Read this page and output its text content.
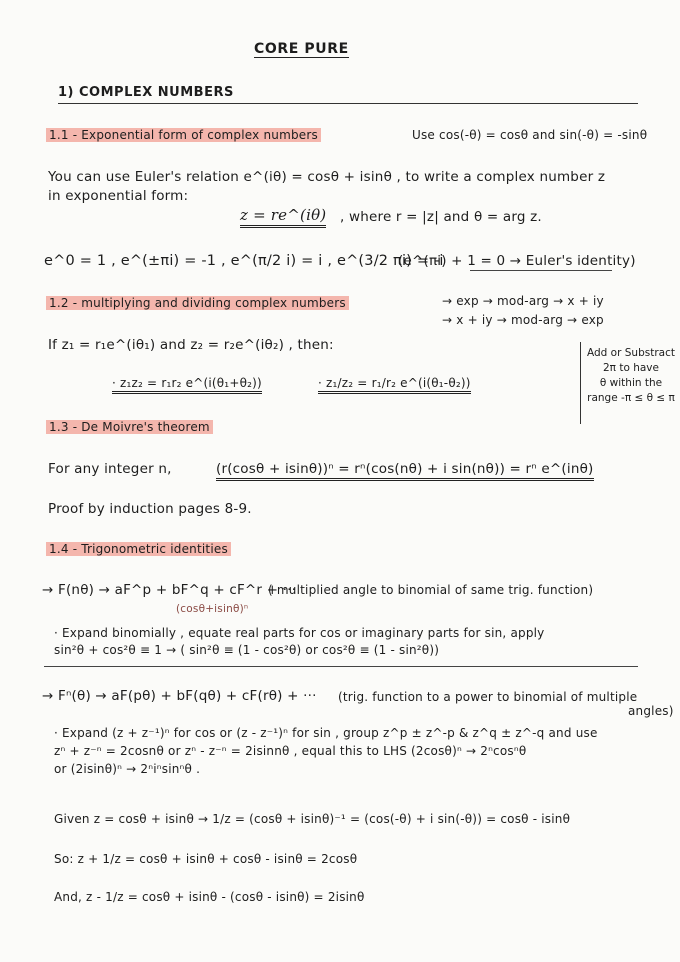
CORE PURE
1) COMPLEX NUMBERS
1.1 - Exponential form of complex numbers	Use cos(-θ) = cosθ and sin(-θ) = -sinθ
You can use Euler's relation e^(iθ) = cosθ + isinθ , to write a complex number z
in exponential form:
z = re^(iθ) , where r = |z| and θ = arg z.
e^0 = 1 , e^(±πi) = -1 , e^(π/2 i) = i , e^(3/2 πi) = -i
(e^(πi) + 1 = 0 → Euler's identity)
1.2 - multiplying and dividing complex numbers	→ exp → mod-arg → x + iy
→ x + iy → mod-arg → exp
If z₁ = r₁e^(iθ₁) and z₂ = r₂e^(iθ₂) , then:
· z₁z₂ = r₁r₂ e^(i(θ₁+θ₂))	· z₁/z₂ = r₁/r₂ e^(i(θ₁-θ₂))
Add or Substract
2π to have
θ within the
range -π ≤ θ ≤ π
1.3 - De Moivre's theorem
For any integer n,	(r(cosθ + isinθ))ⁿ = rⁿ(cos(nθ) + i sin(nθ)) = rⁿ e^(inθ)
Proof by induction pages 8-9.
1.4 - Trigonometric identities
→ F(nθ) → aF^p + bF^q + cF^r + ···
( multiplied angle to binomial of same trig. function)
(cosθ+isinθ)ⁿ
· Expand binomially , equate real parts for cos or imaginary parts for sin, apply
sin²θ + cos²θ ≡ 1 → ( sin²θ ≡ (1 - cos²θ) or cos²θ ≡ (1 - sin²θ))
→ Fⁿ(θ) → aF(pθ) + bF(qθ) + cF(rθ) + ··· (trig. function to a power to binomial of multiple
angles)
· Expand (z + z⁻¹)ⁿ for cos or (z - z⁻¹)ⁿ for sin , group z^p ± z^-p & z^q ± z^-q and use
zⁿ + z⁻ⁿ = 2cosnθ or zⁿ - z⁻ⁿ = 2isinnθ , equal this to LHS (2cosθ)ⁿ → 2ⁿcosⁿθ
or (2isinθ)ⁿ → 2ⁿiⁿsinⁿθ .
Given z = cosθ + isinθ → 1/z = (cosθ + isinθ)⁻¹ = (cos(-θ) + i sin(-θ)) = cosθ - isinθ
So: z + 1/z = cosθ + isinθ + cosθ - isinθ = 2cosθ
And, z - 1/z = cosθ + isinθ - (cosθ - isinθ) = 2isinθ
